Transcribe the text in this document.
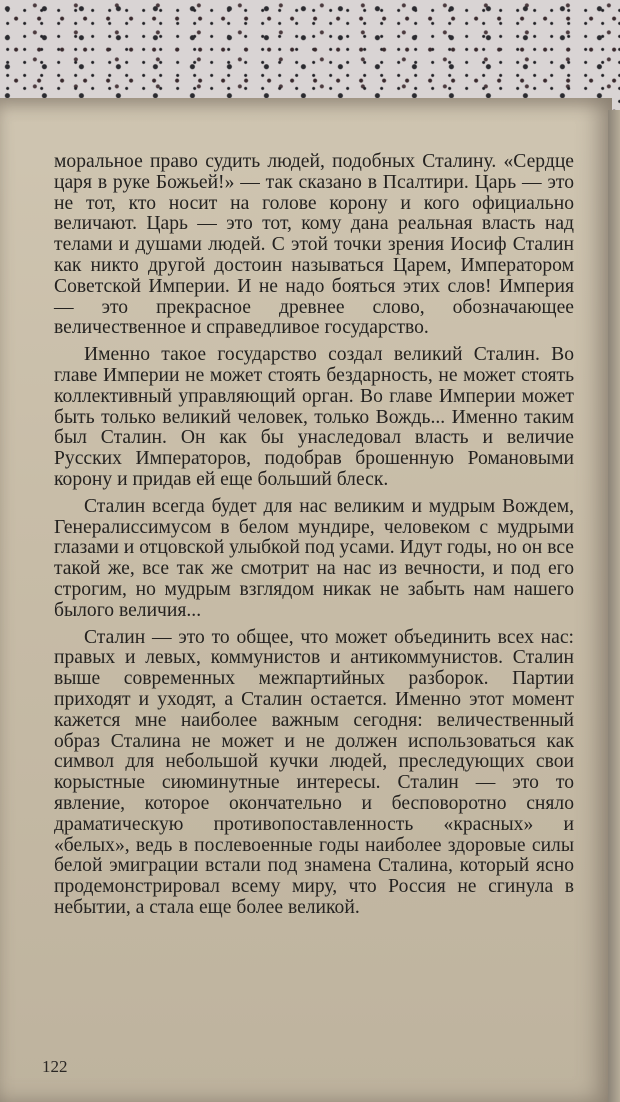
моральное право судить людей, подобных Сталину. «Сердце царя в руке Божьей!» — так сказано в Псалтири. Царь — это не тот, кто носит на голове корону и кого официально величают. Царь — это тот, кому дана реальная власть над телами и душами людей. С этой точки зрения Иосиф Сталин как никто другой достоин называться Царем, Императором Советской Империи. И не надо бояться этих слов! Империя — это прекрасное древнее слово, обозначающее величественное и справедливое государство.

Именно такое государство создал великий Сталин. Во главе Империи не может стоять бездарность, не может стоять коллективный управляющий орган. Во главе Империи может быть только великий человек, только Вождь... Именно таким был Сталин. Он как бы унаследовал власть и величие Русских Императоров, подобрав брошенную Романовыми корону и придав ей еще больший блеск.

Сталин всегда будет для нас великим и мудрым Вождем, Генералиссимусом в белом мундире, человеком с мудрыми глазами и отцовской улыбкой под усами. Идут годы, но он все такой же, все так же смотрит на нас из вечности, и под его строгим, но мудрым взглядом никак не забыть нам нашего былого величия...

Сталин — это то общее, что может объединить всех нас: правых и левых, коммунистов и антикоммунистов. Сталин выше современных межпартийных разборок. Партии приходят и уходят, а Сталин остается. Именно этот момент кажется мне наиболее важным сегодня: величественный образ Сталина не может и не должен использоваться как символ для небольшой кучки людей, преследующих свои корыстные сиюминутные интересы. Сталин — это то явление, которое окончательно и бесповоротно сняло драматическую противопоставленность «красных» и «белых», ведь в послевоенные годы наиболее здоровые силы белой эмиграции встали под знамена Сталина, который ясно продемонстрировал всему миру, что Россия не сгинула в небытии, а стала еще более великой.

122
